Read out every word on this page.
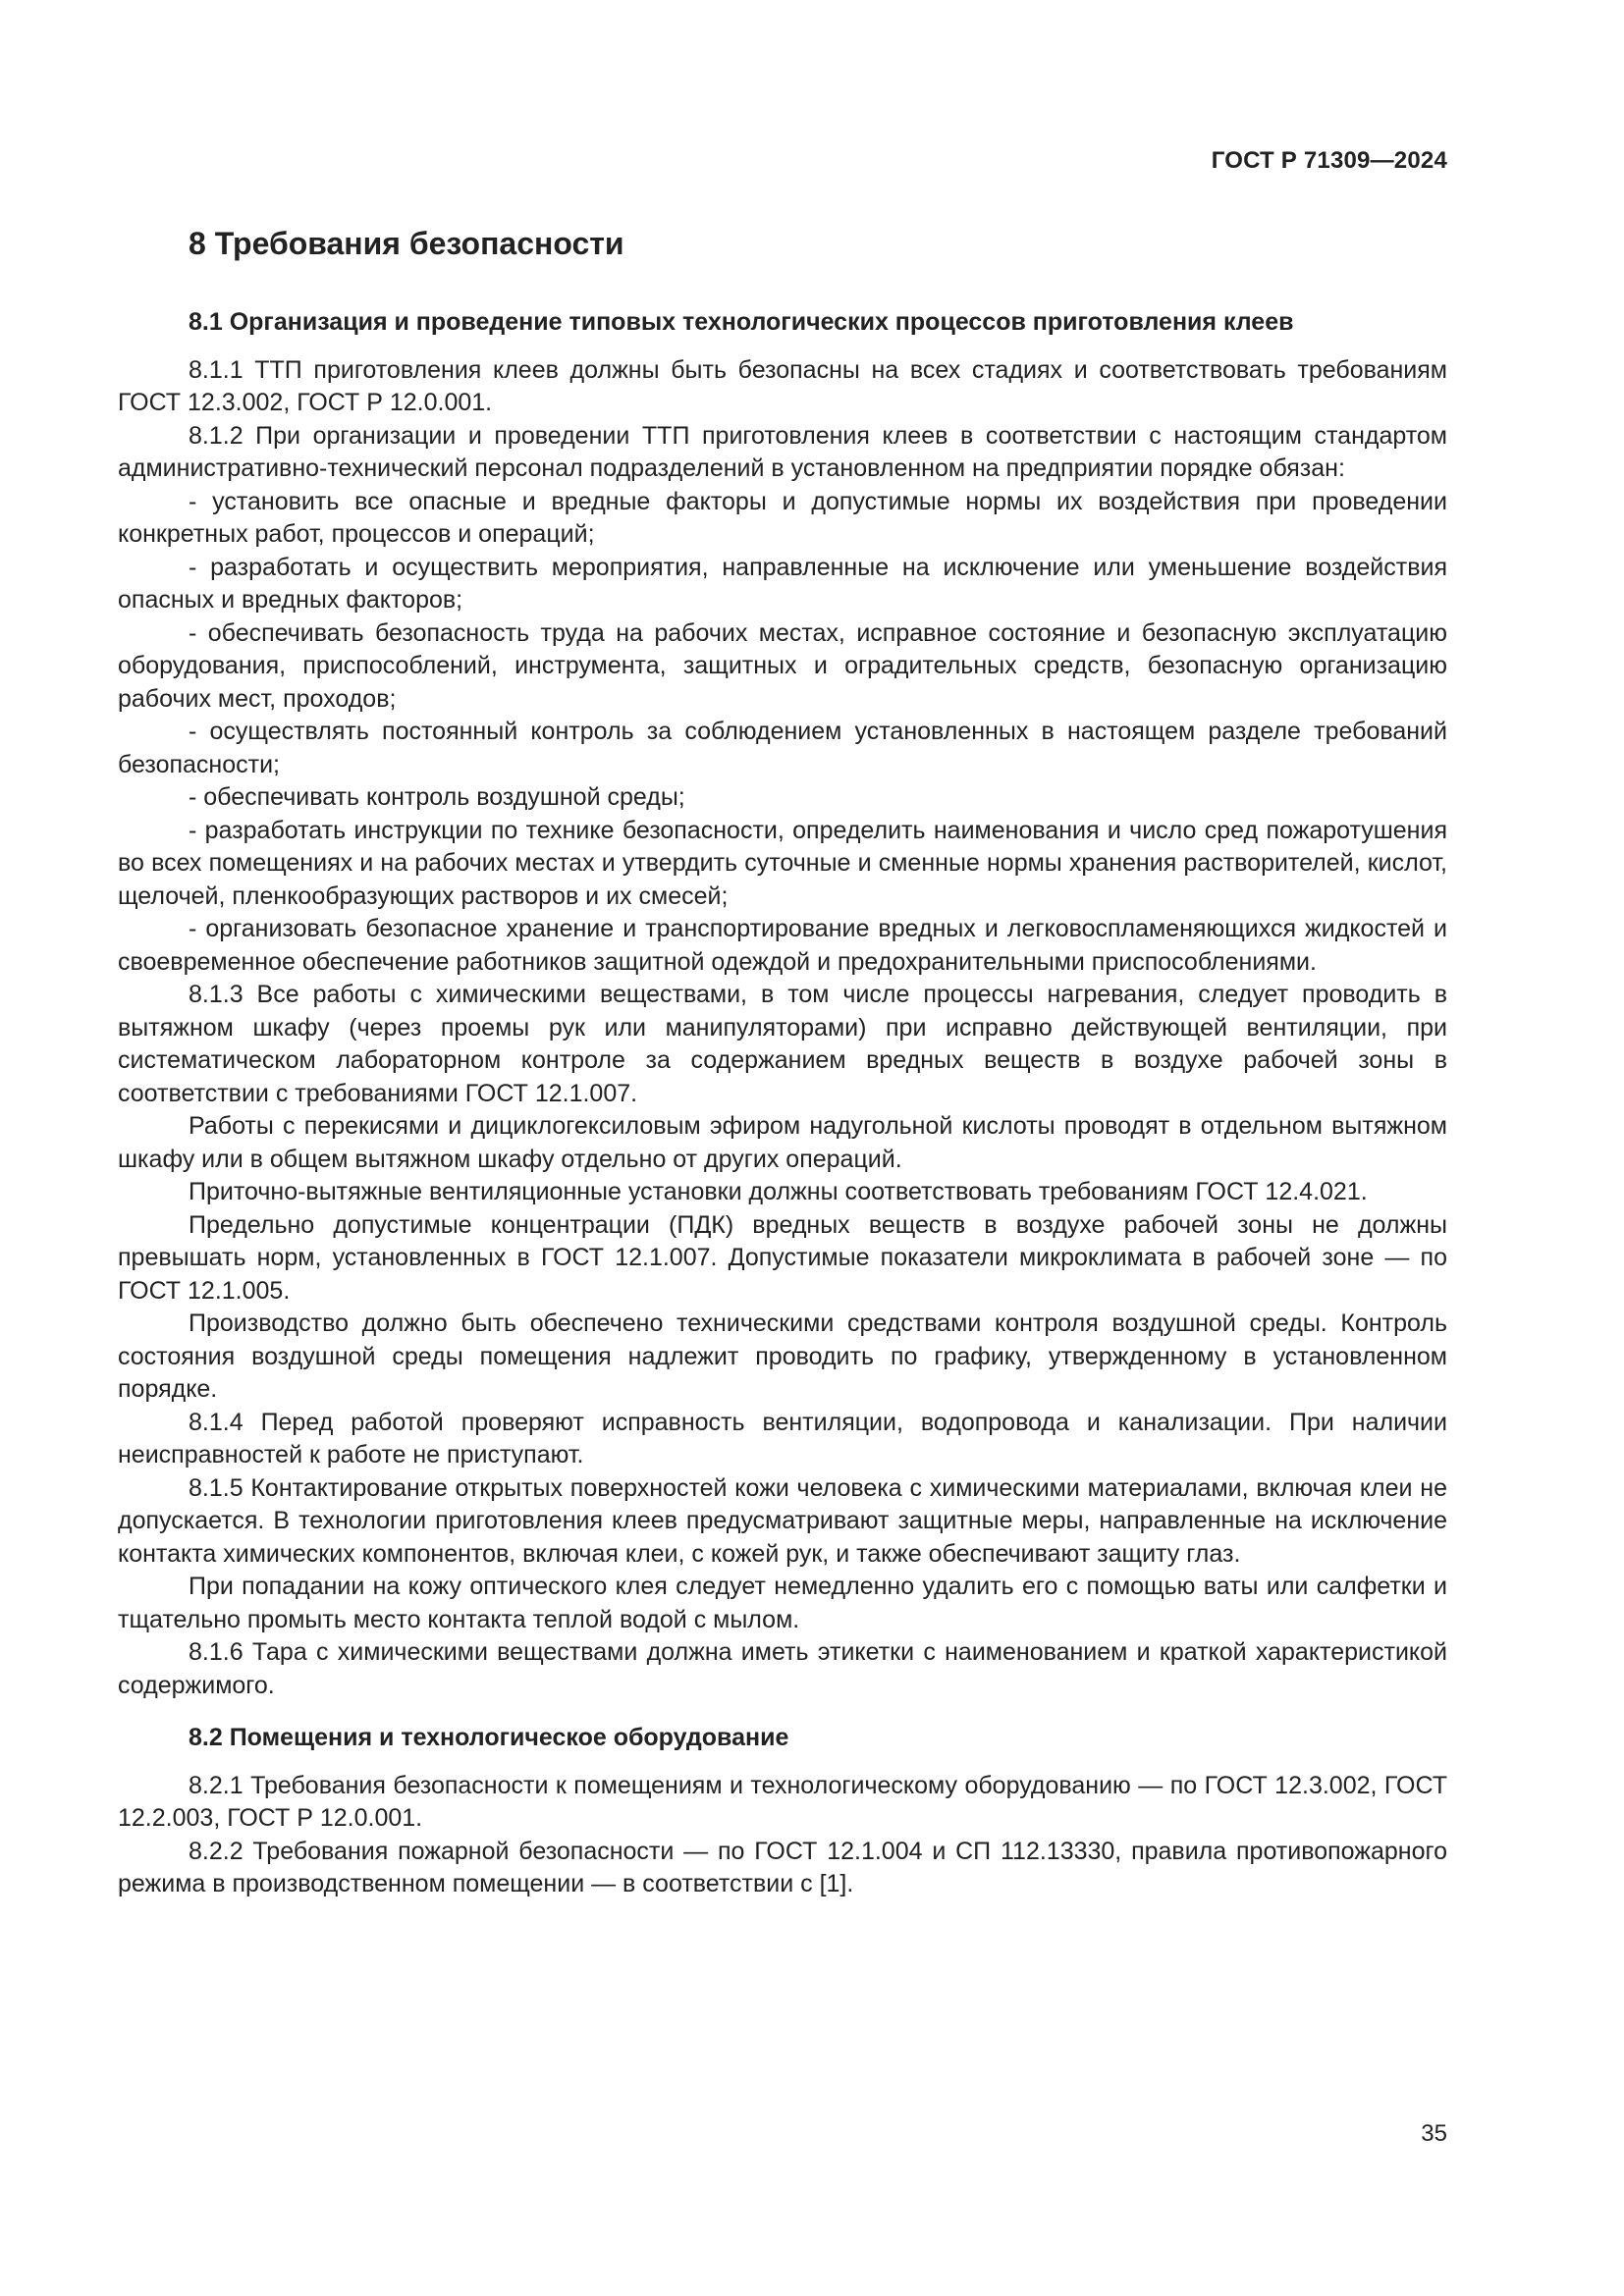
ГОСТ Р 71309—2024
8 Требования безопасности
8.1 Организация и проведение типовых технологических процессов приготовления клеев

8.1.1 ТТП приготовления клеев должны быть безопасны на всех стадиях и соответствовать требованиям ГОСТ 12.3.002, ГОСТ Р 12.0.001.

8.1.2 При организации и проведении ТТП приготовления клеев в соответствии с настоящим стандартом административно-технический персонал подразделений в установленном на предприятии порядке обязан:

- установить все опасные и вредные факторы и допустимые нормы их воздействия при проведении конкретных работ, процессов и операций;

- разработать и осуществить мероприятия, направленные на исключение или уменьшение воздействия опасных и вредных факторов;

- обеспечивать безопасность труда на рабочих местах, исправное состояние и безопасную эксплуатацию оборудования, приспособлений, инструмента, защитных и оградительных средств, безопасную организацию рабочих мест, проходов;

- осуществлять постоянный контроль за соблюдением установленных в настоящем разделе требований безопасности;

- обеспечивать контроль воздушной среды;

- разработать инструкции по технике безопасности, определить наименования и число сред пожаротушения во всех помещениях и на рабочих местах и утвердить суточные и сменные нормы хранения растворителей, кислот, щелочей, пленкообразующих растворов и их смесей;

- организовать безопасное хранение и транспортирование вредных и легковоспламеняющихся жидкостей и своевременное обеспечение работников защитной одеждой и предохранительными приспособлениями.

8.1.3 Все работы с химическими веществами, в том числе процессы нагревания, следует проводить в вытяжном шкафу (через проемы рук или манипуляторами) при исправно действующей вентиляции, при систематическом лабораторном контроле за содержанием вредных веществ в воздухе рабочей зоны в соответствии с требованиями ГОСТ 12.1.007.

Работы с перекисями и дициклогексиловым эфиром надугольной кислоты проводят в отдельном вытяжном шкафу или в общем вытяжном шкафу отдельно от других операций.

Приточно-вытяжные вентиляционные установки должны соответствовать требованиям ГОСТ 12.4.021.

Предельно допустимые концентрации (ПДК) вредных веществ в воздухе рабочей зоны не должны превышать норм, установленных в ГОСТ 12.1.007. Допустимые показатели микроклимата в рабочей зоне — по ГОСТ 12.1.005.

Производство должно быть обеспечено техническими средствами контроля воздушной среды. Контроль состояния воздушной среды помещения надлежит проводить по графику, утвержденному в установленном порядке.

8.1.4 Перед работой проверяют исправность вентиляции, водопровода и канализации. При наличии неисправностей к работе не приступают.

8.1.5 Контактирование открытых поверхностей кожи человека с химическими материалами, включая клеи не допускается. В технологии приготовления клеев предусматривают защитные меры, направленные на исключение контакта химических компонентов, включая клеи, с кожей рук, и также обеспечивают защиту глаз.

При попадании на кожу оптического клея следует немедленно удалить его с помощью ваты или салфетки и тщательно промыть место контакта теплой водой с мылом.

8.1.6 Тара с химическими веществами должна иметь этикетки с наименованием и краткой характеристикой содержимого.

8.2 Помещения и технологическое оборудование

8.2.1 Требования безопасности к помещениям и технологическому оборудованию — по ГОСТ 12.3.002, ГОСТ 12.2.003, ГОСТ Р 12.0.001.

8.2.2 Требования пожарной безопасности — по ГОСТ 12.1.004 и СП 112.13330, правила противопожарного режима в производственном помещении — в соответствии с [1].

35
